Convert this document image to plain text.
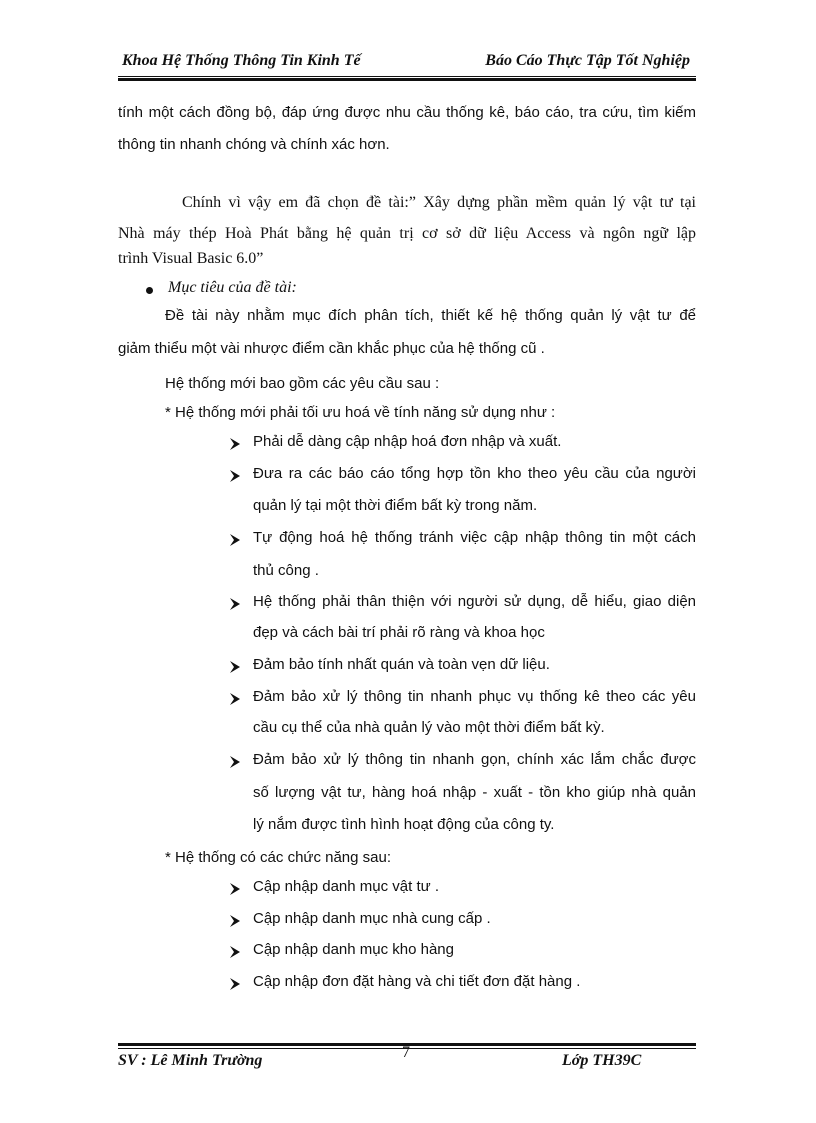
Khoa Hệ Thống Thông Tin Kinh Tế	Báo Cáo Thực Tập Tốt Nghiệp
tính một cách đồng bộ, đáp ứng được nhu cầu thống kê, báo cáo, tra cứu, tìm kiếm
thông tin nhanh chóng và chính xác hơn.
Chính vì vậy em đã chọn đề tài:” Xây dựng phần mềm quản lý vật tư tại
Nhà máy thép Hoà Phát bằng hệ quản trị cơ sở dữ liệu Access và ngôn ngữ lập
trình Visual Basic 6.0”
Mục tiêu của đề tài:
Đề tài này nhằm mục đích phân tích, thiết kế hệ thống quản lý vật tư để
giảm thiểu một vài nhược điểm cần khắc phục của hệ thống cũ .
Hệ thống mới bao gồm các yêu cầu sau :
* Hệ thống mới phải tối ưu hoá về tính năng sử dụng như :
Phải dễ dàng cập nhập hoá đơn nhập và xuất.
Đưa ra các báo cáo tổng hợp tồn kho theo yêu cầu của người
quản lý tại một thời điểm bất kỳ trong năm.
Tự động hoá hệ thống tránh việc cập nhập thông tin một cách
thủ công .
Hệ thống phải thân thiện với người sử dụng, dễ hiểu, giao diện
đẹp và cách bài trí phải rõ ràng và khoa học
Đảm bảo tính nhất quán và toàn vẹn dữ liệu.
Đảm bảo xử lý thông tin nhanh phục vụ thống kê theo các yêu
cầu cụ thể của nhà quản lý vào một thời điểm bất kỳ.
Đảm bảo xử lý thông tin nhanh gọn, chính xác lắm chắc được
số lượng vật tư, hàng hoá nhập - xuất - tồn kho giúp nhà quản
lý nắm được tình hình hoạt động của công ty.
* Hệ thống có các chức năng sau:
Cập nhập danh mục vật tư .
Cập nhập danh mục nhà cung cấp .
Cập nhập danh mục kho hàng
Cập nhập đơn đặt hàng và chi tiết đơn đặt hàng .
SV : Lê Minh Trường	7	Lớp TH39C
